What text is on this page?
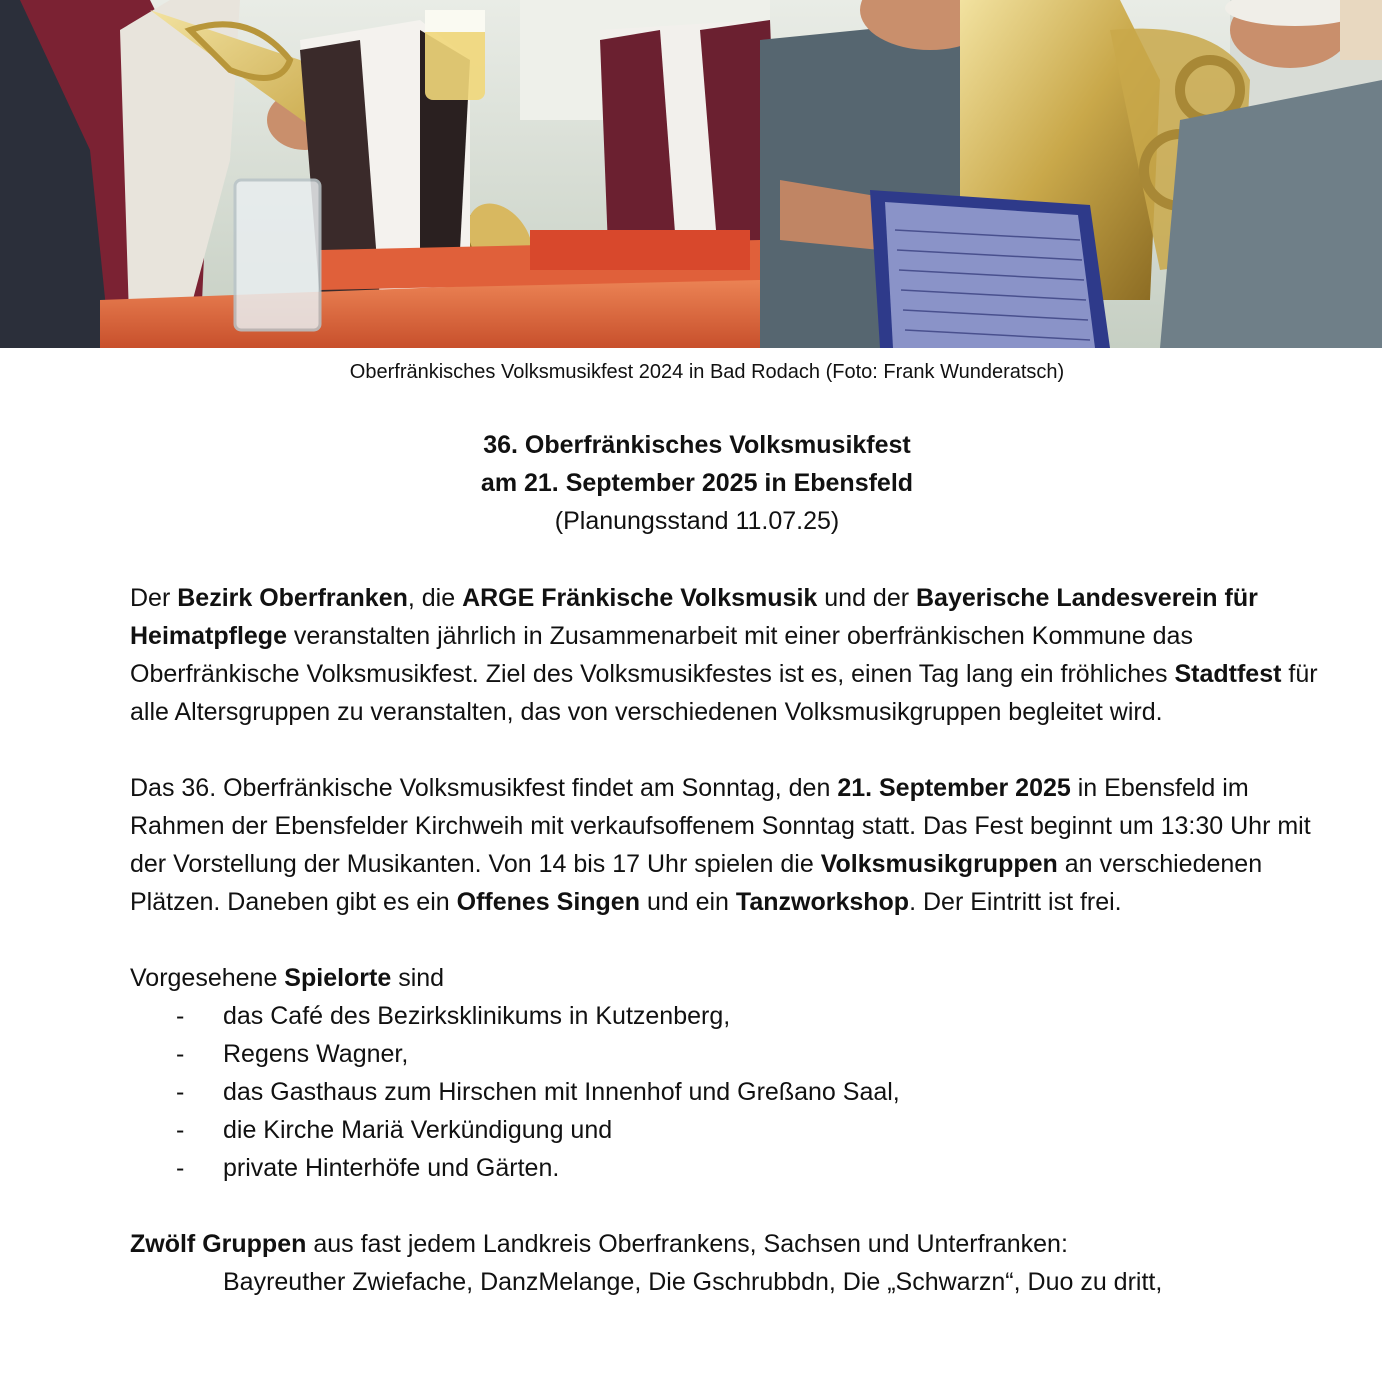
Oberfränkisches Volksmusikfest 2024 in Bad Rodach (Foto: Frank Wunderatsch)
36. Oberfränkisches Volksmusikfest
am 21. September 2025 in Ebensfeld
(Planungsstand 11.07.25)

Der Bezirk Oberfranken, die ARGE Fränkische Volksmusik und der Bayerische Landesverein für Heimatpflege veranstalten jährlich in Zusammenarbeit mit einer oberfränkischen Kommune das Oberfränkische Volksmusikfest. Ziel des Volksmusikfestes ist es, einen Tag lang ein fröhliches Stadtfest für alle Altersgruppen zu veranstalten, das von verschiedenen Volksmusikgruppen begleitet wird.

Das 36. Oberfränkische Volksmusikfest findet am Sonntag, den 21. September 2025 in Ebensfeld im Rahmen der Ebensfelder Kirchweih mit verkaufsoffenem Sonntag statt. Das Fest beginnt um 13:30 Uhr mit der Vorstellung der Musikanten. Von 14 bis 17 Uhr spielen die Volksmusikgruppen an verschiedenen Plätzen. Daneben gibt es ein Offenes Singen und ein Tanzworkshop. Der Eintritt ist frei.

Vorgesehene Spielorte sind
- das Café des Bezirksklinikums in Kutzenberg,
- Regens Wagner,
- das Gasthaus zum Hirschen mit Innenhof und Greßano Saal,
- die Kirche Mariä Verkündigung und
- private Hinterhöfe und Gärten.
Zwölf Gruppen aus fast jedem Landkreis Oberfrankens, Sachsen und Unterfranken:
Bayreuther Zwiefache, DanzMelange, Die Gschrubbdn, Die „Schwarzn“, Duo zu dritt,
